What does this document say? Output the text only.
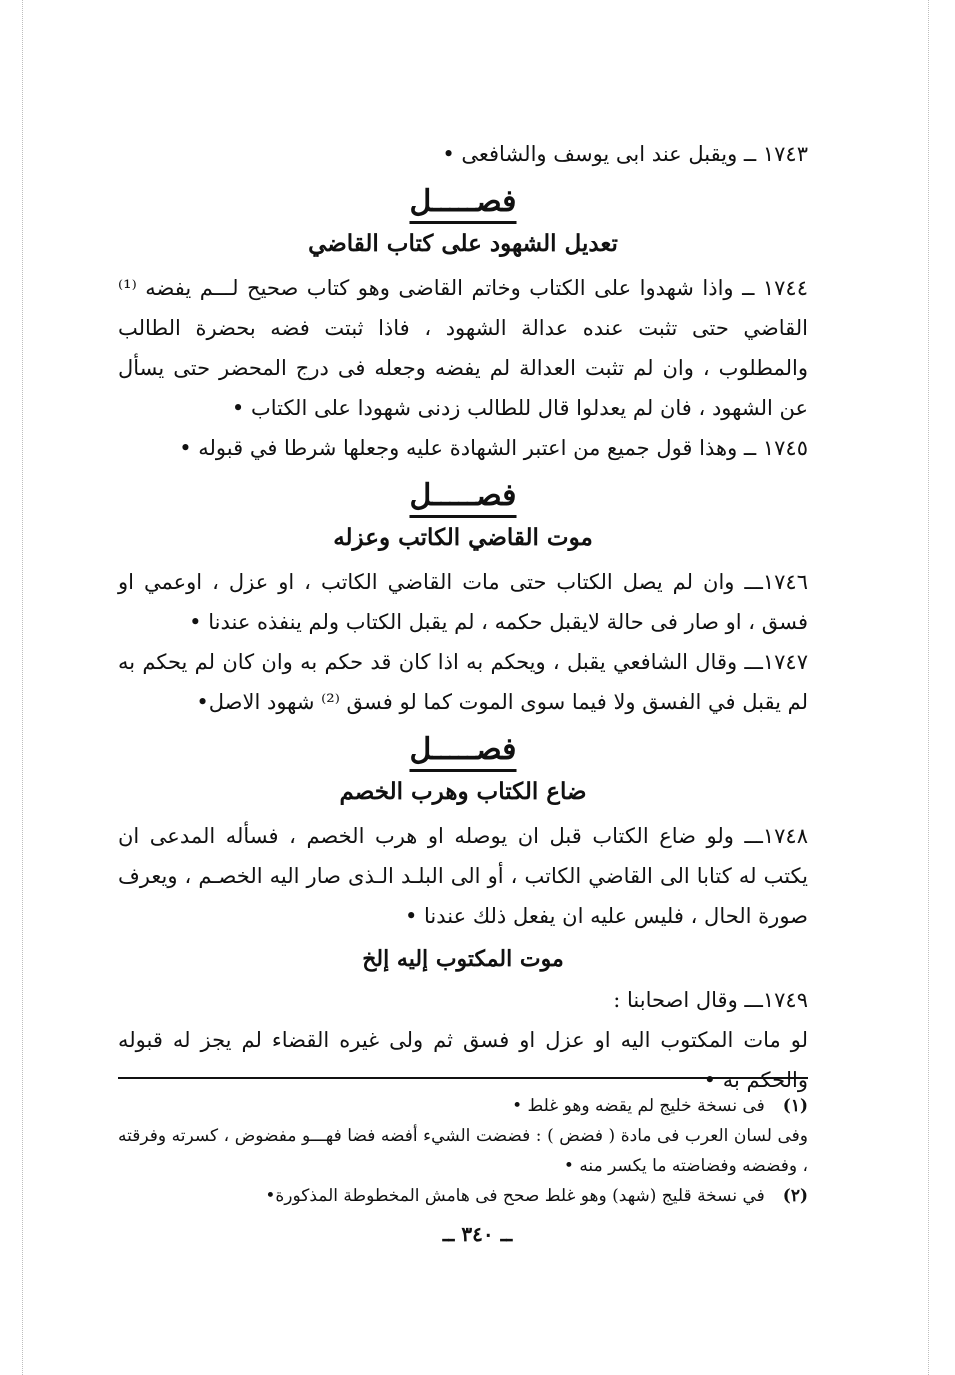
١٧٤٣ ــ ويقبل عند ابى يوسف والشافعى •

فصـــــل
تعديل الشهود على كتاب القاضي

١٧٤٤ ــ واذا شهدوا على الكتاب وخاتم القاضى وهو كتاب صحيح لـــم يفضه ⁽¹⁾ القاضي حتى تثبت عنده عدالة الشهود ، فاذا ثبتت فضه بحضرة الطالب والمطلوب ، وان لم تثبت العدالة لم يفضه وجعله فى درج المحضر حتى يسأل عن الشهود ، فان لم يعدلوا قال للطالب زدنى شهودا على الكتاب •

١٧٤٥ ــ وهذا قول جميع من اعتبر الشهادة عليه وجعلها شرطا في قبوله •

فصـــــل
موت القاضي الكاتب وعزله

١٧٤٦ـــ وان لم يصل الكتاب حتى مات القاضي الكاتب ، او عزل ، اوعمي او فسق ، او صار فى حالة لايقبل حكمه ، لم يقبل الكتاب ولم ينفذه عندنا •

١٧٤٧ـــ وقال الشافعي يقبل ، ويحكم به اذا كان قد حكم به وان كان لم يحكم به لم يقبل في الفسق ولا فيما سوى الموت كما لو فسق ⁽²⁾ شهود الاصل•

فصـــــل
ضاع الكتاب وهرب الخصم

١٧٤٨ـــ ولو ضاع الكتاب قبل ان يوصله او هرب الخصم ، فسأله المدعى ان يكتب له كتابا الى القاضي الكاتب ، أو الى البلـد الـذى صار اليه الخصـم ، ويعرف صورة الحال ، فليس عليه ان يفعل ذلك عندنا •

موت المكتوب إليه إلخ

١٧٤٩ـــ وقال اصحابنا :

لو مات المكتوب اليه او عزل او فسق ثم ولى غيره القضاء لم يجز له قبوله والحكم به •

(١)فى نسخة خليج لم يقضه وهو غلط •

وفى لسان العرب فى مادة ( فضض ) : فضضت الشيء أفضه فضا فهـــو مفضوض ، كسرته وفرقته ، وفضضه وفضاضته ما يكسر منه •

(٢)في نسخة قليج (شهد) وهو غلط صحح فى هامش المخطوطة المذكورة•

ــ ٣٤٠ ــ
